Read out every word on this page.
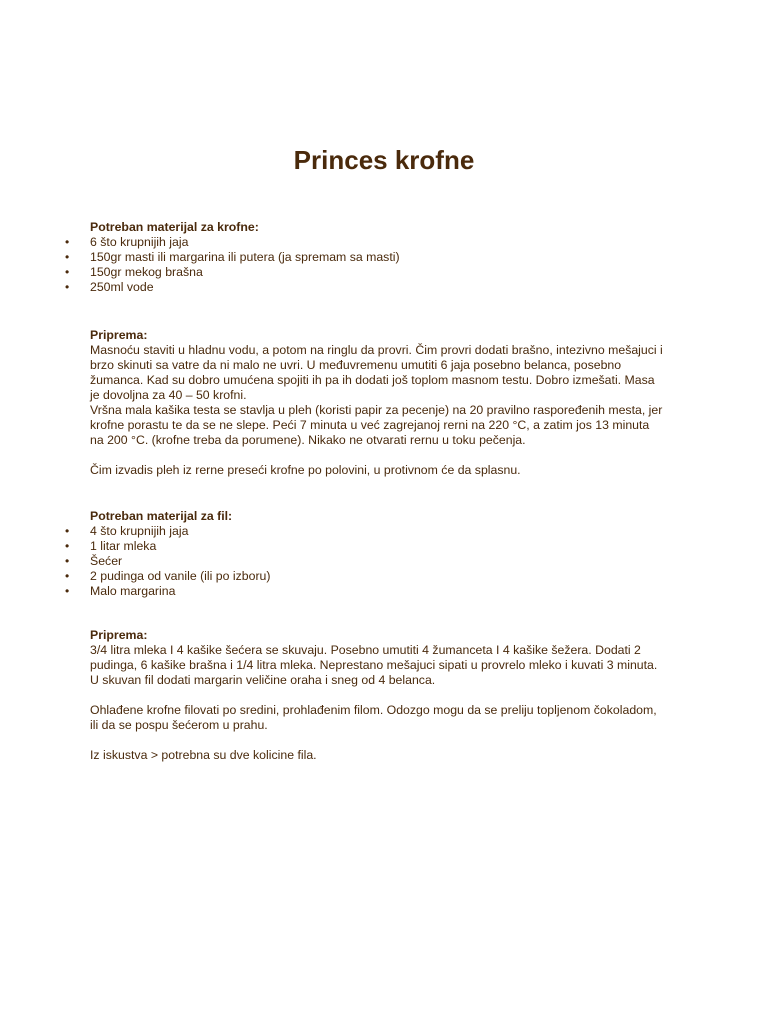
Princes krofne
Potreban materijal za krofne:
• 6 što krupnijih jaja
• 150gr masti ili margarina ili putera (ja spremam sa masti)
• 150gr mekog brašna
• 250ml vode
Priprema:
Masnoću staviti u hladnu vodu, a potom na ringlu da provri. Čim provri dodati brašno, intezivno mešajuci i
brzo skinuti sa vatre da ni malo ne uvri. U međuvremenu umutiti 6 jaja posebno belanca, posebno
žumanca. Kad su dobro umućena spojiti ih pa ih dodati još toplom masnom testu. Dobro izmešati. Masa
je dovoljna za 40 – 50 krofni.
Vršna mala kašika testa se stavlja u pleh (koristi papir za pecenje) na 20 pravilno raspoređenih mesta, jer
krofne porastu te da se ne slepe. Peći 7 minuta u već zagrejanoj rerni na 220 °C, a zatim jos 13 minuta
na 200 °C. (krofne treba da porumene). Nikako ne otvarati rernu u toku pečenja.
Čim izvadis pleh iz rerne preseći krofne po polovini, u protivnom će da splasnu.
Potreban materijal za fil:
• 4 što krupnijih jaja
• 1 litar mleka
• Šećer
• 2 pudinga od vanile (ili po izboru)
• Malo margarina
Priprema:
3/4 litra mleka I 4 kašike šećera se skuvaju. Posebno umutiti 4 žumanceta I 4 kašike šežera. Dodati 2
pudinga, 6 kašike brašna i 1/4 litra mleka. Neprestano mešajuci sipati u provrelo mleko i kuvati 3 minuta.
U skuvan fil dodati margarin veličine oraha i sneg od 4 belanca.
Ohlađene krofne filovati po sredini, prohlađenim filom. Odozgo mogu da se preliju topljenom čokoladom,
ili da se pospu šećerom u prahu.
Iz iskustva > potrebna su dve kolicine fila.
